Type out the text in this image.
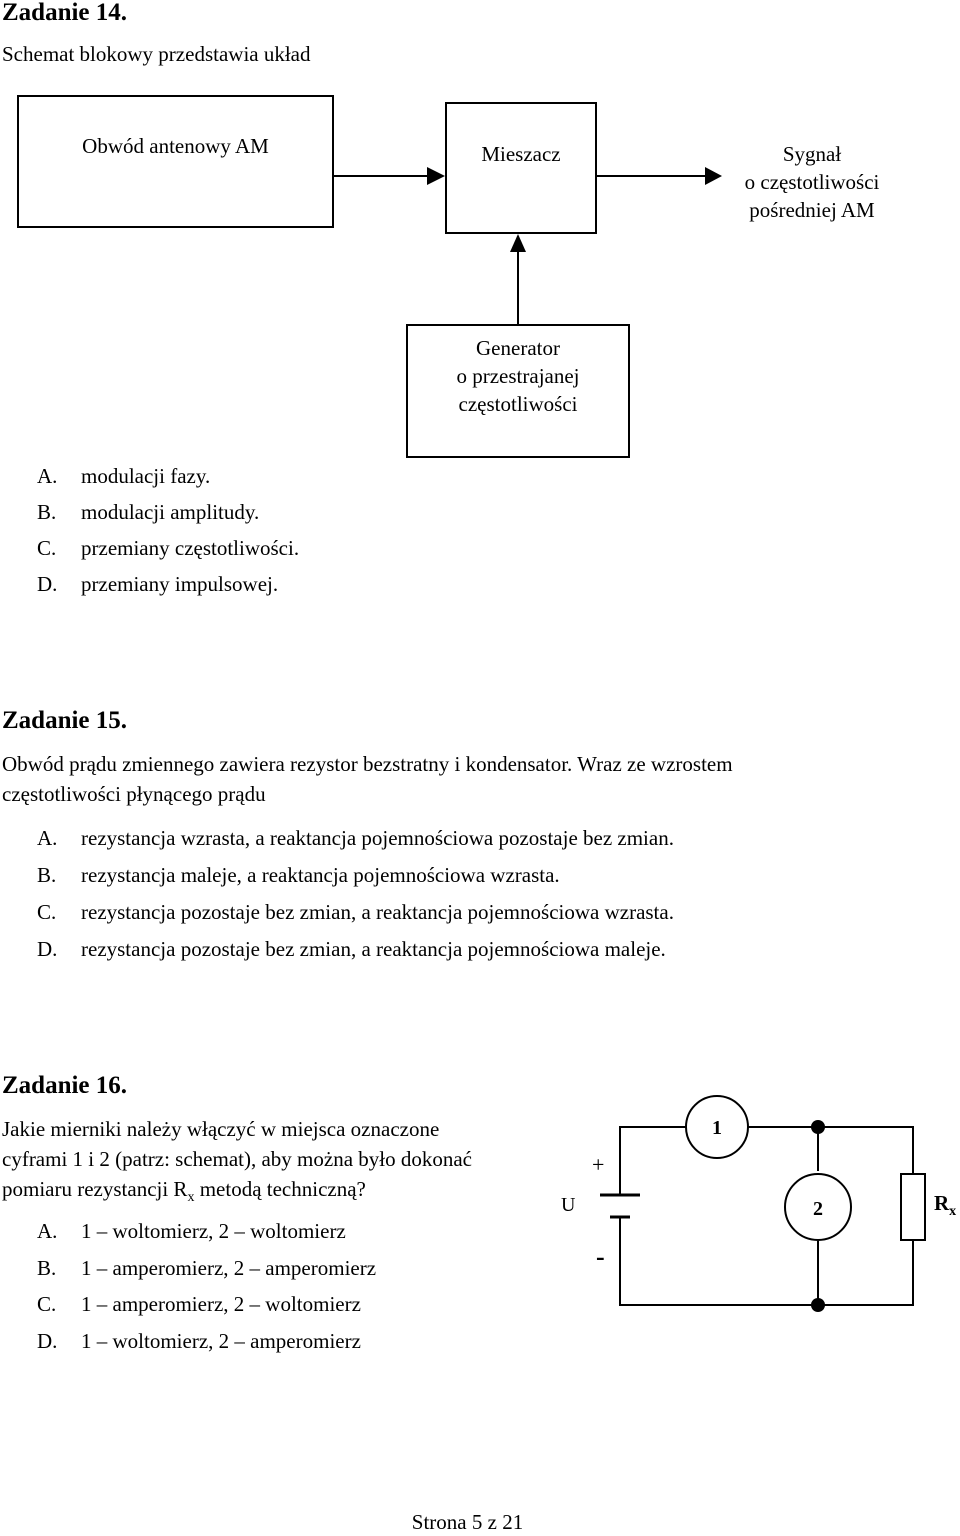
Zadanie 14.
Schemat blokowy przedstawia układ
Obwód antenowy AM	Mieszacz	Sygnał
o częstotliwości
pośredniej AM
Generator
o przestrajanej
częstotliwości
A. modulacji fazy.
B. modulacji amplitudy.
C. przemiany częstotliwości.
D. przemiany impulsowej.
Zadanie 15.
Obwód prądu zmiennego zawiera rezystor bezstratny i kondensator. Wraz ze wzrostem
częstotliwości płynącego prądu
A. rezystancja wzrasta, a reaktancja pojemnościowa pozostaje bez zmian.
B. rezystancja maleje, a reaktancja pojemnościowa wzrasta.
C. rezystancja pozostaje bez zmian, a reaktancja pojemnościowa wzrasta.
D. rezystancja pozostaje bez zmian, a reaktancja pojemnościowa maleje.
Zadanie 16.
Jakie mierniki należy włączyć w miejsca oznaczone
cyframi 1 i 2 (patrz: schemat), aby można było dokonać
pomiaru rezystancji $R_x$ metodą techniczną?
A. 1 – woltomierz, 2 – woltomierz
B. 1 – amperomierz, 2 – amperomierz
C. 1 – amperomierz, 2 – woltomierz
D. 1 – woltomierz, 2 – amperomierz
1
2
U
+
-
$R_x$
Strona 5 z 21
